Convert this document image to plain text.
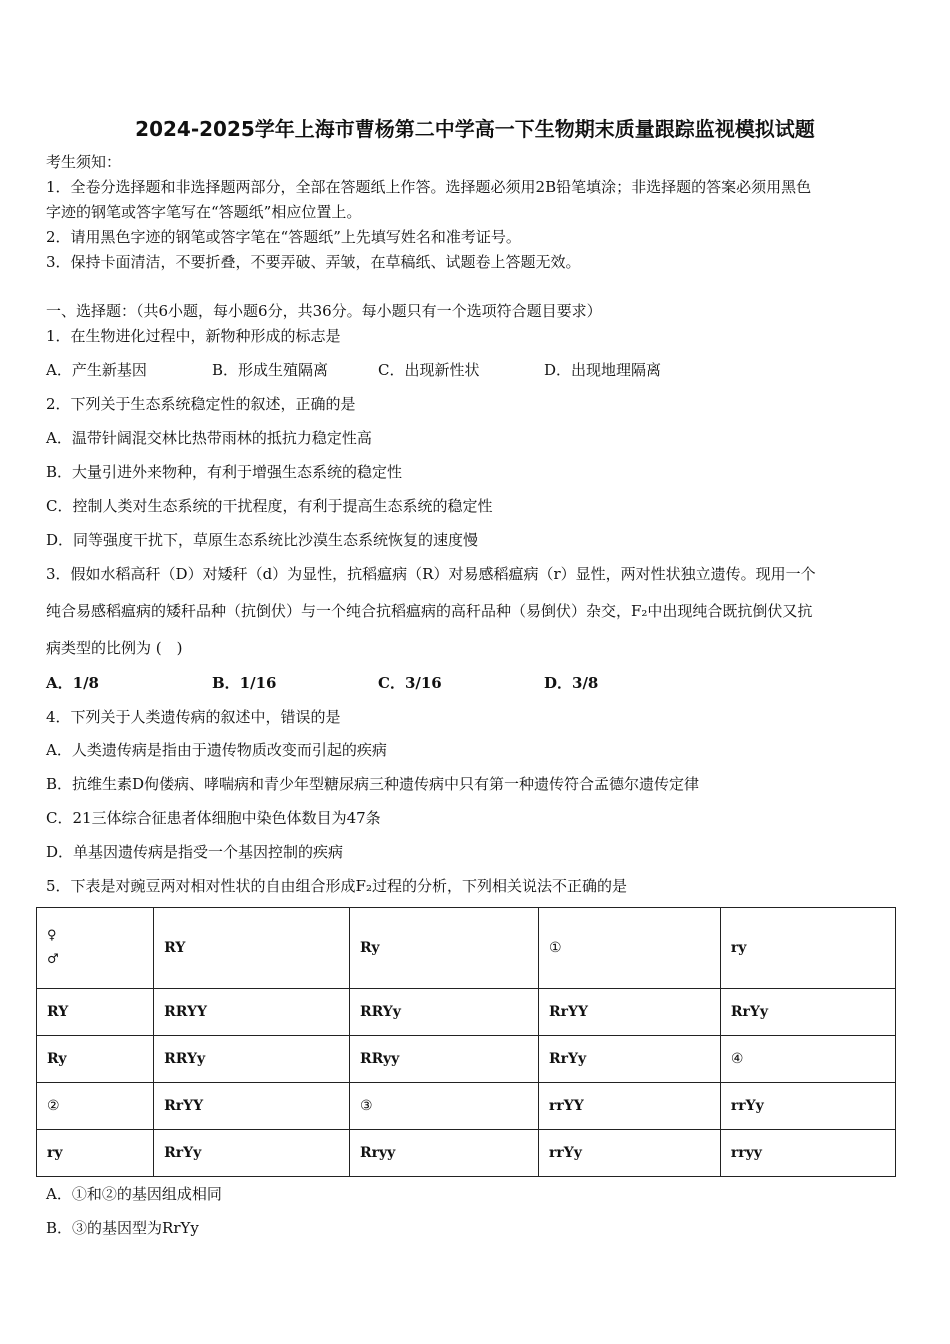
2024-2025学年上海市曹杨第二中学高一下生物期末质量跟踪监视模拟试题
考生须知：
1．全卷分选择题和非选择题两部分，全部在答题纸上作答。选择题必须用2B铅笔填涂；非选择题的答案必须用黑色
字迹的钢笔或答字笔写在“答题纸”相应位置上。
2．请用黑色字迹的钢笔或答字笔在“答题纸”上先填写姓名和准考证号。
3．保持卡面清洁，不要折叠，不要弄破、弄皱，在草稿纸、试题卷上答题无效。
一、选择题：（共6小题，每小题6分，共36分。每小题只有一个选项符合题目要求）
1．在生物进化过程中，新物种形成的标志是
A．产生新基因	B．形成生殖隔离	C．出现新性状	D．出现地理隔离
2．下列关于生态系统稳定性的叙述，正确的是
A．温带针阔混交林比热带雨林的抵抗力稳定性高
B．大量引进外来物种，有利于增强生态系统的稳定性
C．控制人类对生态系统的干扰程度，有利于提高生态系统的稳定性
D．同等强度干扰下，草原生态系统比沙漠生态系统恢复的速度慢
3．假如水稻高秆（D）对矮秆（d）为显性，抗稻瘟病（R）对易感稻瘟病（r）显性，两对性状独立遗传。现用一个
纯合易感稻瘟病的矮秆品种（抗倒伏）与一个纯合抗稻瘟病的高秆品种（易倒伏）杂交，F₂中出现纯合既抗倒伏又抗
病类型的比例为 (　)
A．1/8	B．1/16	C．3/16	D．3/8
4．下列关于人类遗传病的叙述中，错误的是
A．人类遗传病是指由于遗传物质改变而引起的疾病
B．抗维生素D佝偻病、哮喘病和青少年型糖尿病三种遗传病中只有第一种遗传符合孟德尔遗传定律
C．21三体综合征患者体细胞中染色体数目为47条
D．单基因遗传病是指受一个基因控制的疾病
5．下表是对豌豆两对相对性状的自由组合形成F₂过程的分析，下列相关说法不正确的是
♀
♂	RY	Ry	①	ry
RY	RRYY	RRYy	RrYY	RrYy
Ry	RRYy	RRyy	RrYy	④
②	RrYY	③	rrYY	rrYy
ry	RrYy	Rryy	rrYy	rryy
A．①和②的基因组成相同
B．③的基因型为RrYy
